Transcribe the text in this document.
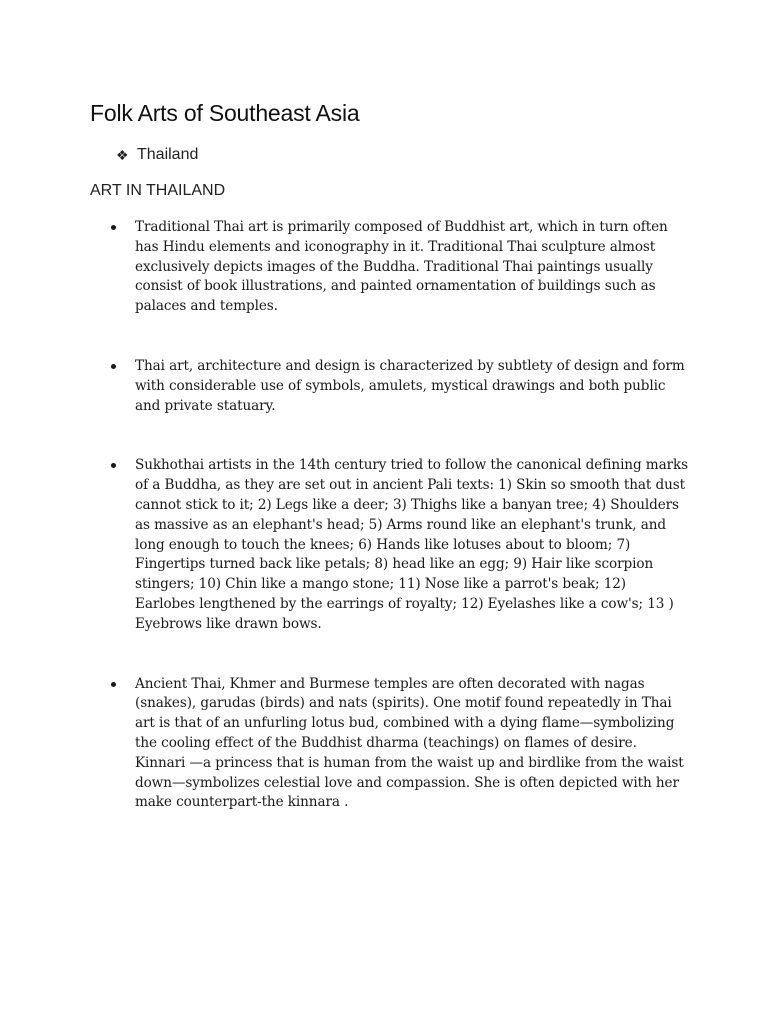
Folk Arts of Southeast Asia
❖ Thailand
ART IN THAILAND
Traditional Thai art is primarily composed of Buddhist art, which in turn often has Hindu elements and iconography in it. Traditional Thai sculpture almost exclusively depicts images of the Buddha. Traditional Thai paintings usually consist of book illustrations, and painted ornamentation of buildings such as palaces and temples.
Thai art, architecture and design is characterized by subtlety of design and form with considerable use of symbols, amulets, mystical drawings and both public and private statuary.
Sukhothai artists in the 14th century tried to follow the canonical defining marks of a Buddha, as they are set out in ancient Pali texts: 1) Skin so smooth that dust cannot stick to it; 2) Legs like a deer; 3) Thighs like a banyan tree; 4) Shoulders as massive as an elephant's head; 5) Arms round like an elephant's trunk, and long enough to touch the knees; 6) Hands like lotuses about to bloom; 7) Fingertips turned back like petals; 8) head like an egg; 9) Hair like scorpion stingers; 10) Chin like a mango stone; 11) Nose like a parrot's beak; 12) Earlobes lengthened by the earrings of royalty; 12) Eyelashes like a cow's; 13 ) Eyebrows like drawn bows.
Ancient Thai, Khmer and Burmese temples are often decorated with nagas (snakes), garudas (birds) and nats (spirits). One motif found repeatedly in Thai art is that of an unfurling lotus bud, combined with a dying flame—symbolizing the cooling effect of the Buddhist dharma (teachings) on flames of desire. Kinnari —a princess that is human from the waist up and birdlike from the waist down—symbolizes celestial love and compassion. She is often depicted with her make counterpart-the kinnara .
